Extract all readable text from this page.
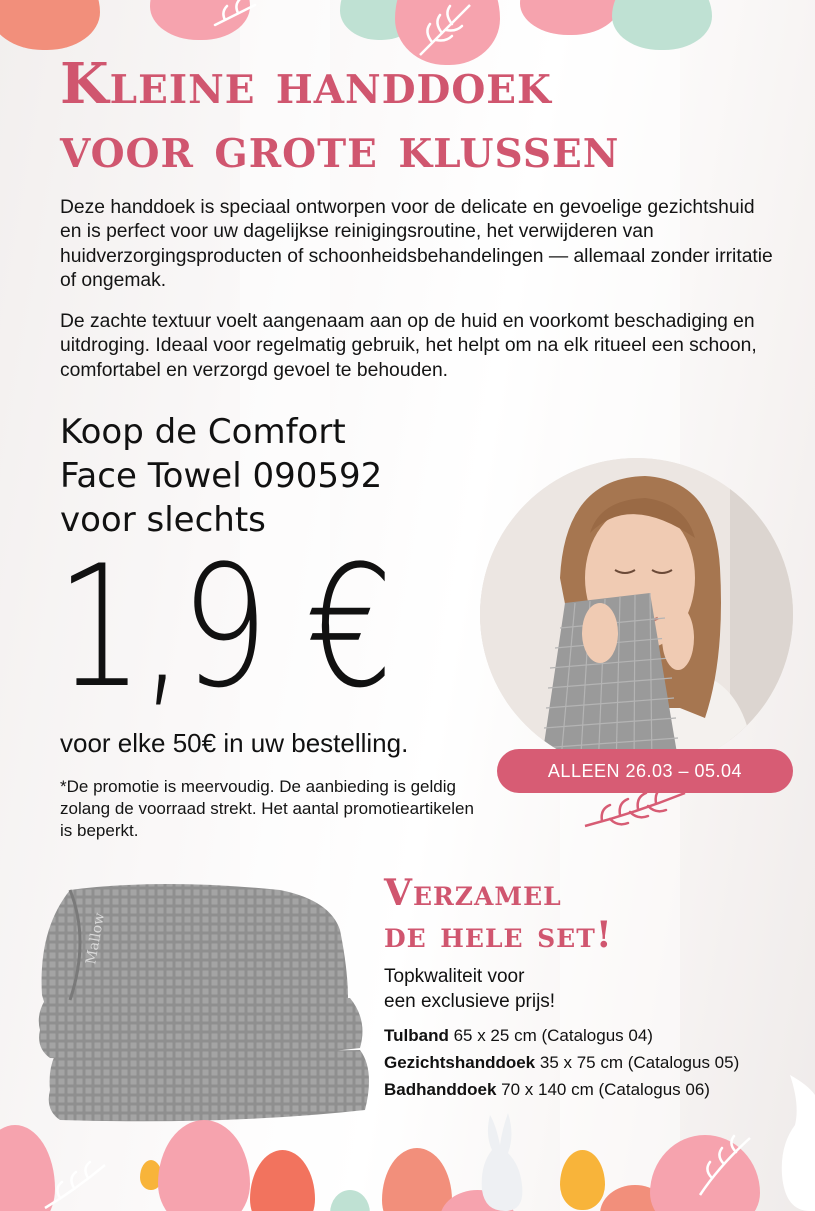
Kleine handdoek
voor grote klussen

Deze handdoek is speciaal ontworpen voor de delicate en gevoelige gezichtshuid en is perfect voor uw dagelijkse reinigingsroutine, het verwijderen van huidverzorgingsproducten of schoonheidsbehandelingen — allemaal zonder irritatie of ongemak.

De zachte textuur voelt aangenaam aan op de huid en voorkomt beschadiging en uitdroging. Ideaal voor regelmatig gebruik, het helpt om na elk ritueel een schoon, comfortabel en verzorgd gevoel te behouden.

Koop de Comfort
Face Towel 090592
voor slechts
1,9 €
voor elke 50€ in uw bestelling.

*De promotie is meervoudig. De aanbieding is geldig zolang de voorraad strekt. Het aantal promotieartikelen is beperkt.

ALLEEN 26.03 – 05.04
Mallow
Verzamel
de hele set!
Topkwaliteit voor
een exclusieve prijs!
Tulband 65 x 25 cm (Catalogus 04)
Gezichtshanddoek 35 x 75 cm (Catalogus 05)
Badhanddoek 70 x 140 cm (Catalogus 06)
